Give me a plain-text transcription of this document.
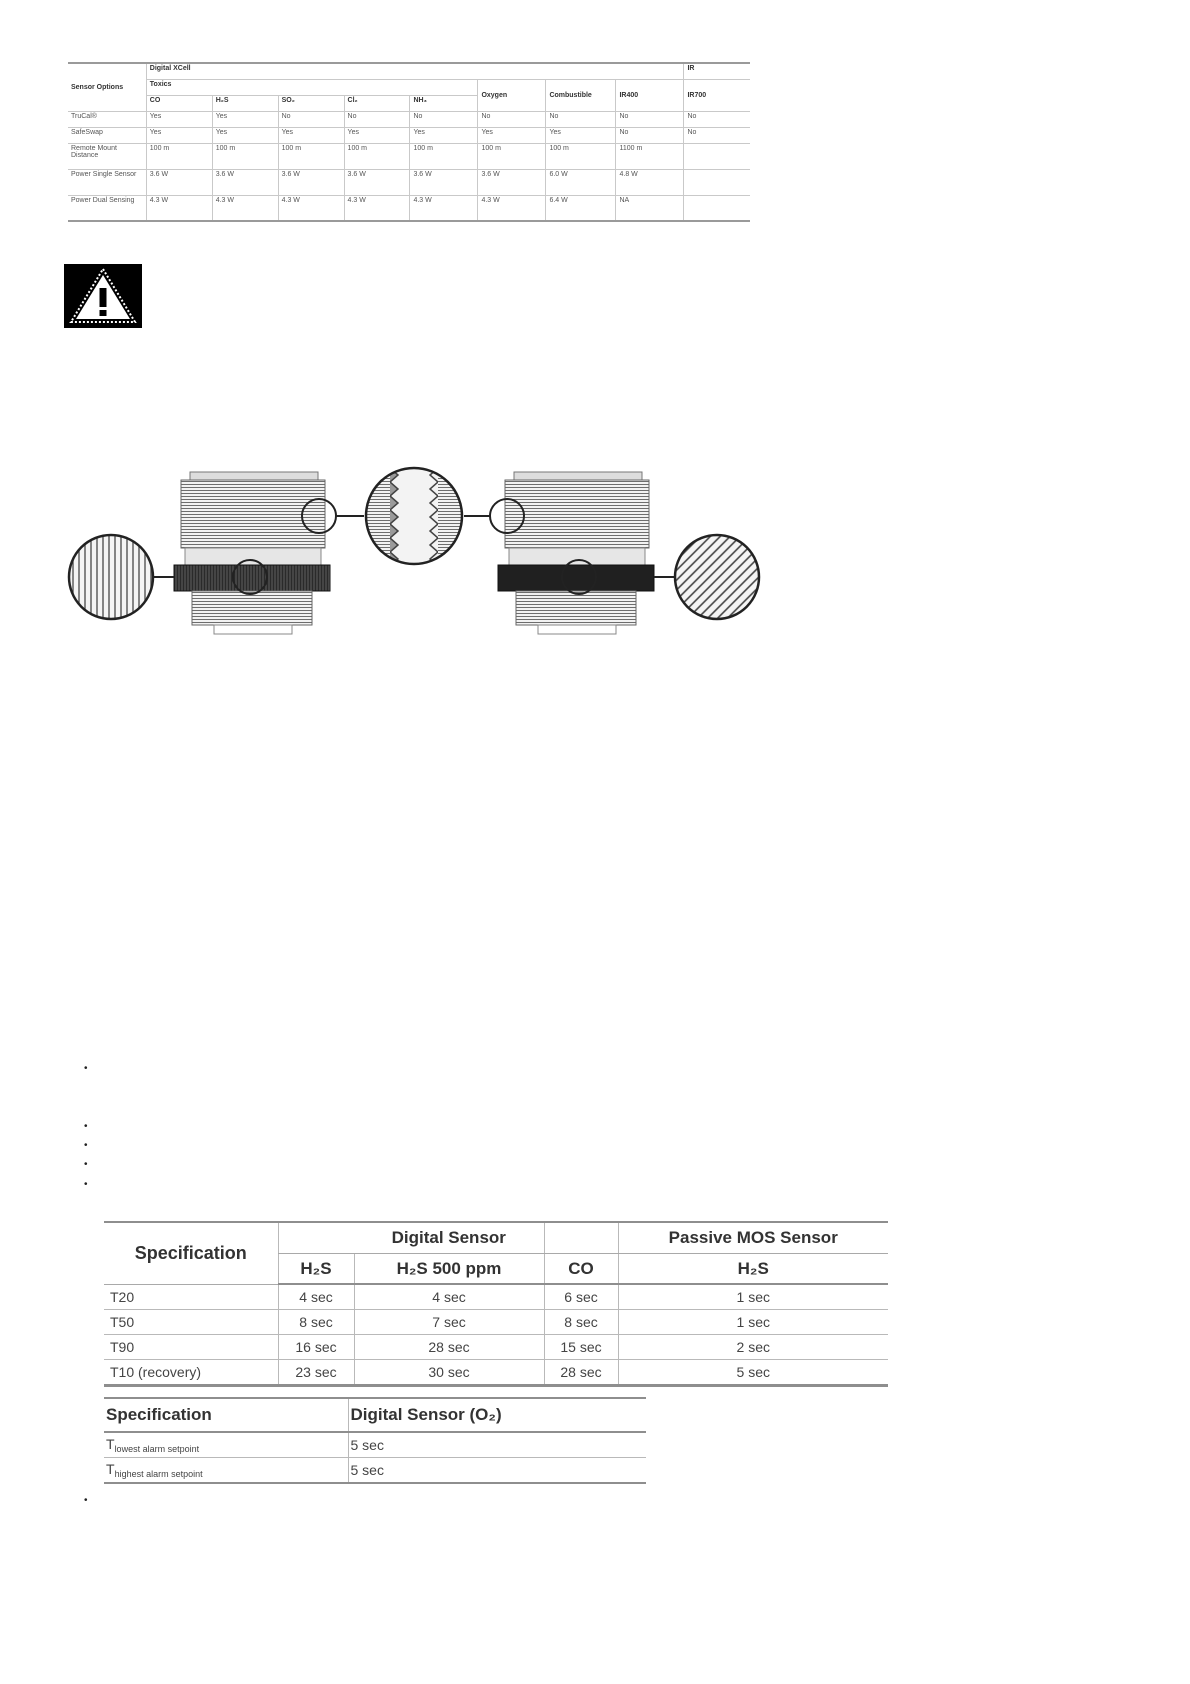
Sensor Options	Digital XCell								IR
	Toxics					Oxygen	Combustible	IR400	IR700
	CO	H₂S	SO₂	Cl₂	NH₃				
TruCal®	Yes	Yes	No	No	No	No	No	No	No
SafeSwap	Yes	Yes	Yes	Yes	Yes	Yes	Yes	No	No
Remote Mount Distance	100 m	100 m	100 m	100 m	100 m	100 m	100 m	1100 m	
Power Single Sensor	3.6 W	3.6 W	3.6 W	3.6 W	3.6 W	3.6 W	6.0 W	4.8 W	
Power Dual Sensing	4.3 W	4.3 W	4.3 W	4.3 W	4.3 W	4.3 W	6.4 W	NA	
•
•
•
•
•
•
Specification		Digital Sensor		Passive MOS Sensor
	H₂S	H₂S 500 ppm	CO	H₂S
T20	4 sec	4 sec	6 sec	1 sec
T50	8 sec	7 sec	8 sec	1 sec
T90	16 sec	28 sec	15 sec	2 sec
T10 (recovery)	23 sec	30 sec	28 sec	5 sec
Specification	Digital Sensor (O₂)
$T_{lowest alarm setpoint}$	5 sec
$T_{highest alarm setpoint}$	5 sec
